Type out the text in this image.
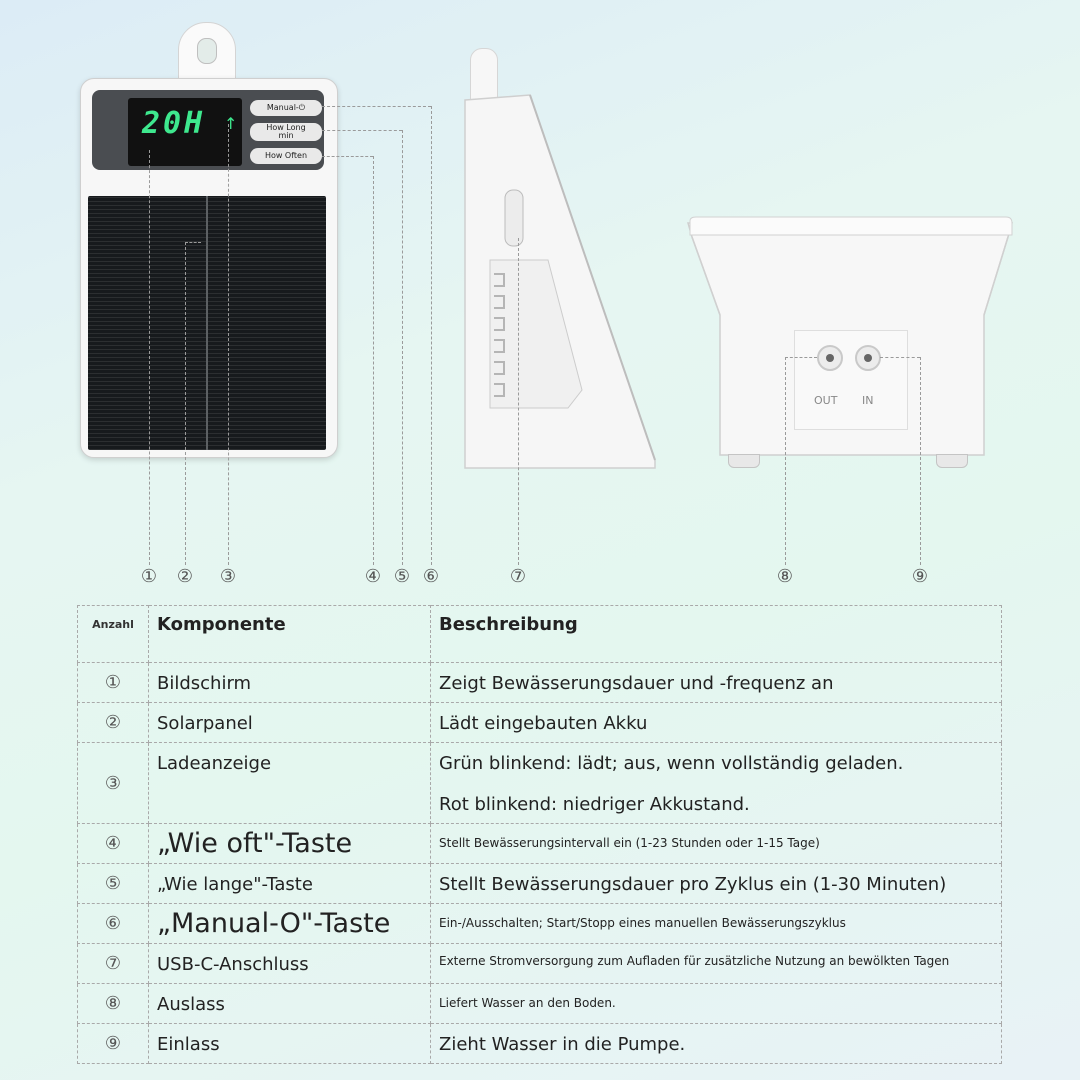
20H ↑
Manual-⏻
How Long
min
How Often
OUT IN
① ② ③	④ ⑤ ⑥	⑦	⑧	⑨
Anzahl	Komponente	Beschreibung
①	Bildschirm	Zeigt Bewässerungsdauer und -frequenz an
②	Solarpanel	Lädt eingebauten Akku
③	Ladeanzeige	Grün blinkend: lädt; aus, wenn vollständig geladen.
Rot blinkend: niedriger Akkustand.

④	„Wie oft"-Taste	Stellt Bewässerungsintervall ein (1-23 Stunden oder 1-15 Tage)
⑤	„Wie lange"-Taste	Stellt Bewässerungsdauer pro Zyklus ein (1-30 Minuten)
⑥	„Manual-O"-Taste	Ein-/Ausschalten; Start/Stopp eines manuellen Bewässerungszyklus
⑦	USB-C-Anschluss	Externe Stromversorgung zum Aufladen für zusätzliche Nutzung an bewölkten Tagen
⑧	Auslass	Liefert Wasser an den Boden.
⑨	Einlass	Zieht Wasser in die Pumpe.
